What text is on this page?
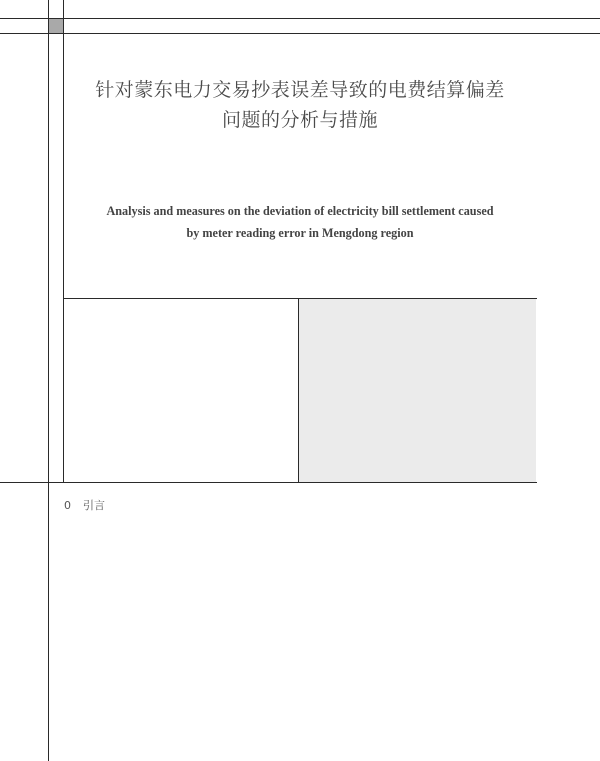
针对蒙东电力交易抄表误差导致的电费结算偏差
问题的分析与措施
Analysis and measures on the deviation of electricity bill settlement caused
by meter reading error in Mengdong region
0 引言
